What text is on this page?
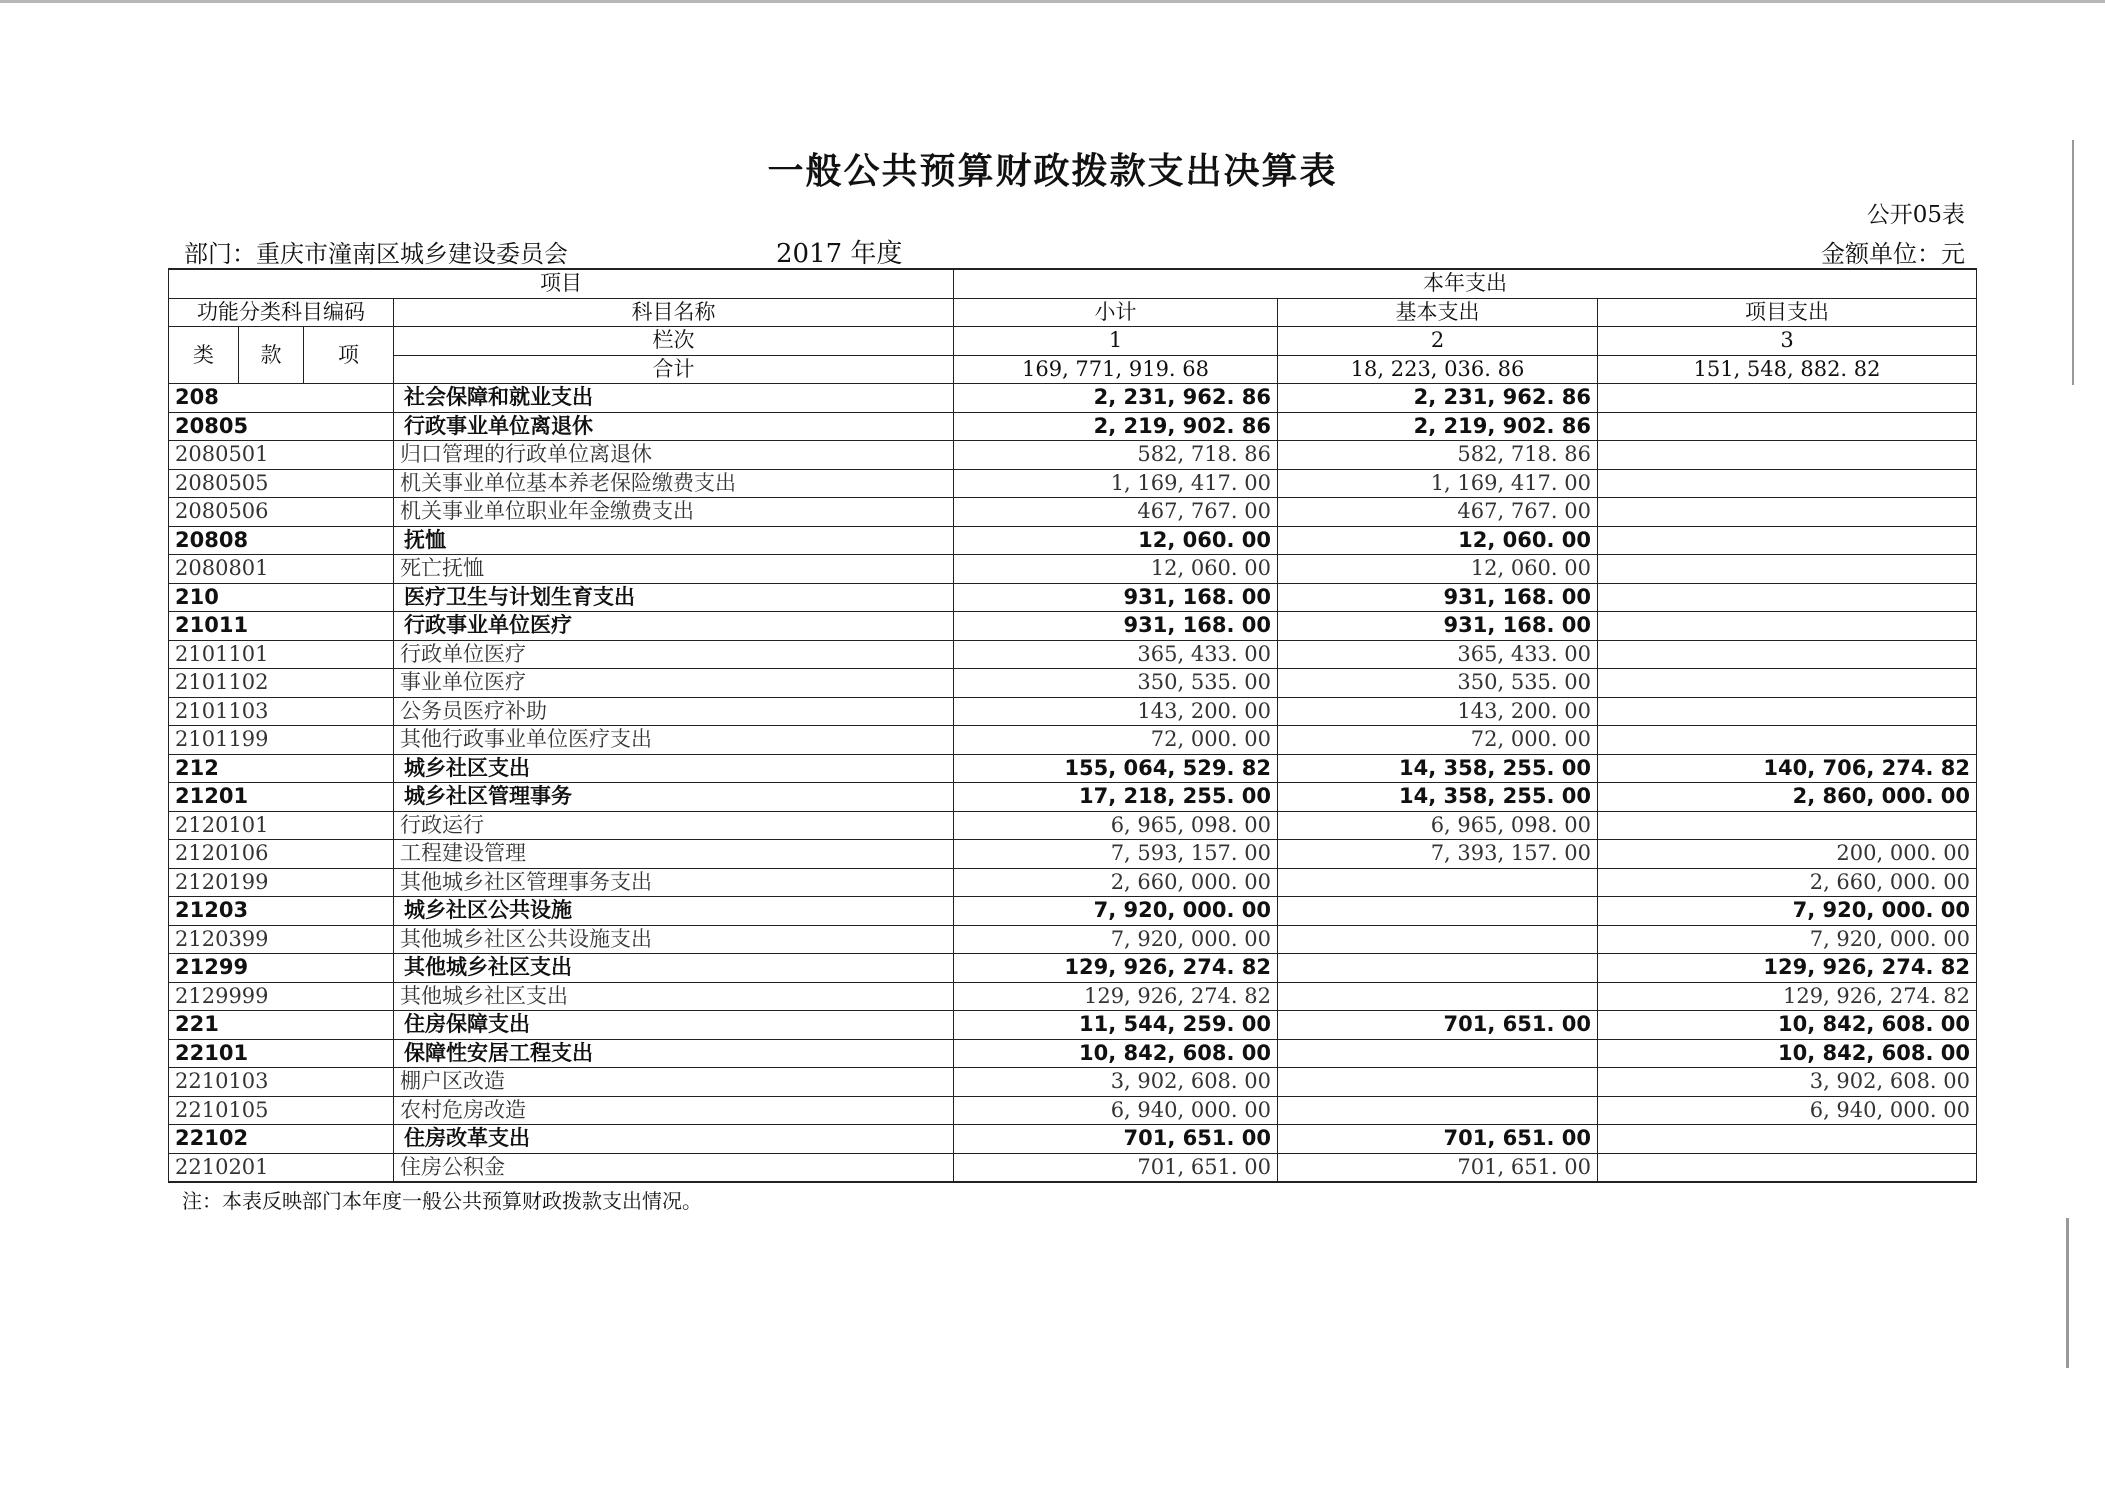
一般公共预算财政拨款支出决算表
公开05表
部门：重庆市潼南区城乡建设委员会	2017 年度	金额单位：元
项目				本年支出		
功能分类科目编码			科目名称	小计	基本支出	项目支出
类	款	项	栏次	1	2	3
			合计	169, 771, 919. 68	18, 223, 036. 86	151, 548, 882. 82
208			社会保障和就业支出	2, 231, 962. 86	2, 231, 962. 86	
20805			行政事业单位离退休	2, 219, 902. 86	2, 219, 902. 86	
2080501			归口管理的行政单位离退休	582, 718. 86	582, 718. 86	
2080505			机关事业单位基本养老保险缴费支出	1, 169, 417. 00	1, 169, 417. 00	
2080506			机关事业单位职业年金缴费支出	467, 767. 00	467, 767. 00	
20808			抚恤	12, 060. 00	12, 060. 00	
2080801			死亡抚恤	12, 060. 00	12, 060. 00	
210			医疗卫生与计划生育支出	931, 168. 00	931, 168. 00	
21011			行政事业单位医疗	931, 168. 00	931, 168. 00	
2101101			行政单位医疗	365, 433. 00	365, 433. 00	
2101102			事业单位医疗	350, 535. 00	350, 535. 00	
2101103			公务员医疗补助	143, 200. 00	143, 200. 00	
2101199			其他行政事业单位医疗支出	72, 000. 00	72, 000. 00	
212			城乡社区支出	155, 064, 529. 82	14, 358, 255. 00	140, 706, 274. 82
21201			城乡社区管理事务	17, 218, 255. 00	14, 358, 255. 00	2, 860, 000. 00
2120101			行政运行	6, 965, 098. 00	6, 965, 098. 00	
2120106			工程建设管理	7, 593, 157. 00	7, 393, 157. 00	200, 000. 00
2120199			其他城乡社区管理事务支出	2, 660, 000. 00		2, 660, 000. 00
21203			城乡社区公共设施	7, 920, 000. 00		7, 920, 000. 00
2120399			其他城乡社区公共设施支出	7, 920, 000. 00		7, 920, 000. 00
21299			其他城乡社区支出	129, 926, 274. 82		129, 926, 274. 82
2129999			其他城乡社区支出	129, 926, 274. 82		129, 926, 274. 82
221			住房保障支出	11, 544, 259. 00	701, 651. 00	10, 842, 608. 00
22101			保障性安居工程支出	10, 842, 608. 00		10, 842, 608. 00
2210103			棚户区改造	3, 902, 608. 00		3, 902, 608. 00
2210105			农村危房改造	6, 940, 000. 00		6, 940, 000. 00
22102			住房改革支出	701, 651. 00	701, 651. 00	
2210201			住房公积金	701, 651. 00	701, 651. 00	
注：本表反映部门本年度一般公共预算财政拨款支出情况。
